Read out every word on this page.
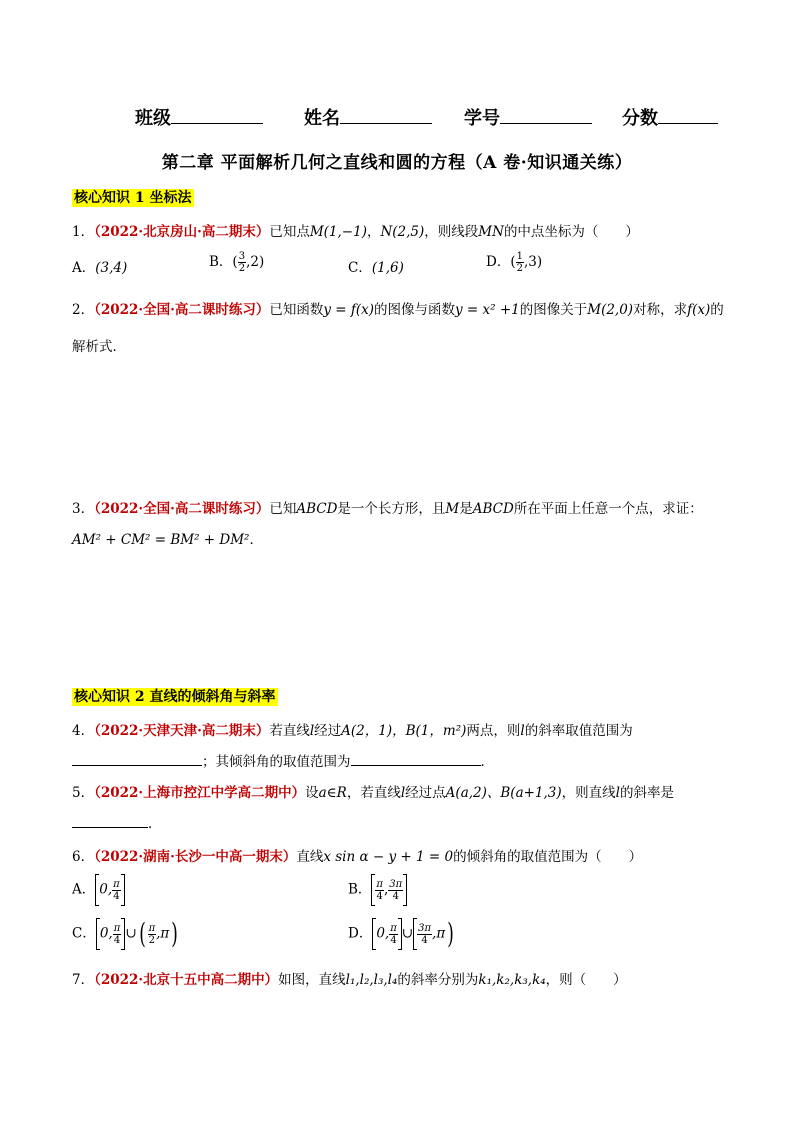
班级	姓名	学号	分数
第二章 平面解析几何之直线和圆的方程（A 卷·知识通关练）
核心知识 1 坐标法
1．（2022·北京房山·高二期末）已知点M(1,−1)，N(2,5)，则线段MN的中点坐标为（　　）
A．(3,4)	B．( $\frac{3}{2} ,2$)	C．(1,6)	D．( $\frac{1}{2} ,3$)
2．（2022·全国·高二课时练习）已知函数y = f(x)的图像与函数y = x² +1的图像关于M(2,0)对称，求f(x)的
解析式．
3．（2022·全国·高二课时练习）已知ABCD是一个长方形，且M是ABCD所在平面上任意一个点，求证：
AM² + CM² = BM² + DM²．
核心知识 2 直线的倾斜角与斜率
4．（2022·天津天津·高二期末）若直线l经过A(2，1)，B(1，m²)两点，则l的斜率取值范围为
；其倾斜角的取值范围为	．
5．（2022·上海市控江中学高二期中）设a∈R，若直线l经过点A(a,2)、B(a+1,3)，则直线l的斜率是
．
6．（2022·湖南·长沙一中高一期末）直线x sin α − y + 1 = 0的倾斜角的取值范围为（　　）
A． 0, $\frac{\pi}{4}$	B． $\frac{\pi}{4}$ , $\frac{3\pi}{4}$
C． 0, $\frac{\pi}{4}$ ∪( $\frac{\pi}{2} ,\pi$)	D． 0, $\frac{\pi}{4}$ ∪ $\frac{3\pi}{4} ,\pi$)
7．（2022·北京十五中高二期中）如图，直线l₁,l₂,l₃,l₄的斜率分别为k₁,k₂,k₃,k₄，则（　　）
